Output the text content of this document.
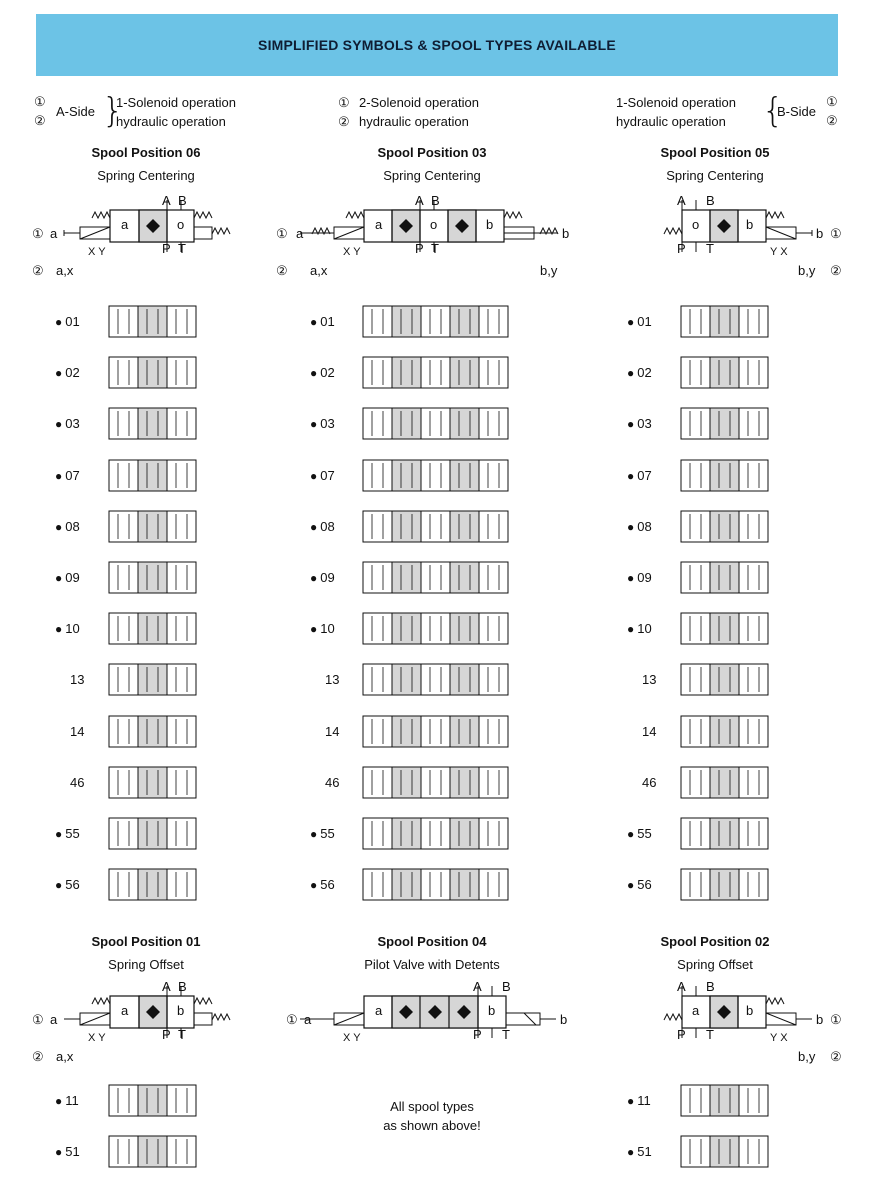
SIMPLIFIED SYMBOLS & SPOOL TYPES AVAILABLE
①
②
A-Side }
1-Solenoid operation
hydraulic operation
①
②
2-Solenoid operation
hydraulic operation
1-Solenoid operation
hydraulic operation {
B-Side
①
②
Spool Position 06
Spring Centering
Spool Position 03
Spring Centering
Spool Position 05
Spring Centering
Spool Position 01
Spring Offset
Spool Position 04
Pilot Valve with Detents
Spool Position 02
Spring Offset
a	o
A B
P T
X Y
① a
② a,x
a	o	b
A B
P T
X Y
① a	b
② a,x	b,y
o	b
A B
P T	Y X
b ①
b,y ②
a	b
A B
P T
X Y
① a
② a,x
a	b
A B
P T
X Y
① a	b
a	b
A B
P T	Y X
b ①
b,y ②
● 01	● 01	● 01
● 02	● 02	● 02
● 03	● 03	● 03
● 07	● 07	● 07
● 08	● 08	● 08
● 09	● 09	● 09
● 10	● 10	● 10
13	13	13
14	14	14
46	46	46
● 55	● 55	● 55
● 56	● 56	● 56
● 11	● 11
● 51	● 51
All spool types
as shown above!
